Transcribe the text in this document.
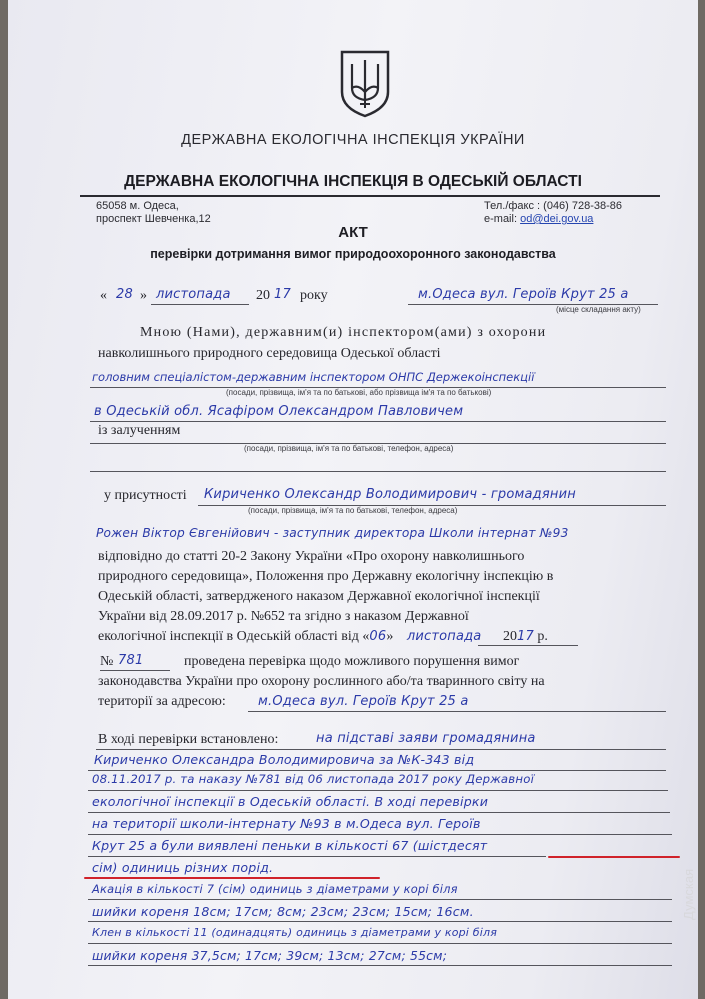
ДЕРЖАВНА ЕКОЛОГІЧНА ІНСПЕКЦІЯ УКРАЇНИ
ДЕРЖАВНА ЕКОЛОГІЧНА ІНСПЕКЦІЯ В ОДЕСЬКІЙ ОБЛАСТІ
65058 м. Одеса,
проспект Шевченка,12
Тел./факс : (046) 728-38-86
e-mail: od@dei.gov.ua
АКТ
перевірки дотримання вимог природоохоронного законодавства
« 28 » листопада 20 17 року	м.Одеса вул. Героїв Крут 25 а
(місце складання акту)
Мною (Нами), державним(и) інспектором(ами) з охорони
навколишнього природного середовища Одеської області
головним спеціалістом-державним інспектором ОНПС Держекоінспекції
(посади, прізвища, ім'я та по батькові, або прізвища ім'я та по батькові)
в Одеській обл. Ясафіром Олександром Павловичем
із залученням
(посади, прізвища, ім'я та по батькові, телефон, адреса)
у присутності Кириченко Олександр Володимирович - громадянин
(посади, прізвища, ім'я та по батькові, телефон, адреса)
Рожен Віктор Євгенійович - заступник директора Школи інтернат №93
відповідно до статті 20-2 Закону України «Про охорону навколишнього
природного середовища», Положення про Державну екологічну інспекцію в
Одеській області, затвердженого наказом Державної екологічної інспекції
України від 28.09.2017 р. №652 та згідно з наказом Державної
екологічної інспекції в Одеській області від «06» листопада 2017 р.
№ 781	проведена перевірка щодо можливого порушення вимог
законодавства України про охорону рослинного або/та тваринного світу на
території за адресою: м.Одеса вул. Героїв Крут 25 а
В ході перевірки встановлено:	на підставі заяви громадянина
Кириченко Олександра Володимировича за №К-343 від
08.11.2017 р. та наказу №781 від 06 листопада 2017 року Державної
екологічної інспекції в Одеській області. В ході перевірки
на території школи-інтернату №93 в м.Одеса вул. Героїв
Крут 25 а були виявлені пеньки в кількості 67 (шістдесят
сім) одиниць різних порід.
Акація в кількості 7 (сім) одиниць з діаметрами у корі біля
шийки кореня 18см; 17см; 8см; 23см; 23см; 15см; 16см.
Клен в кількості 11 (одинадцять) одиниць з діаметрами у корі біля
шийки кореня 37,5см; 17см; 39см; 13см; 27см; 55см;
Думская
